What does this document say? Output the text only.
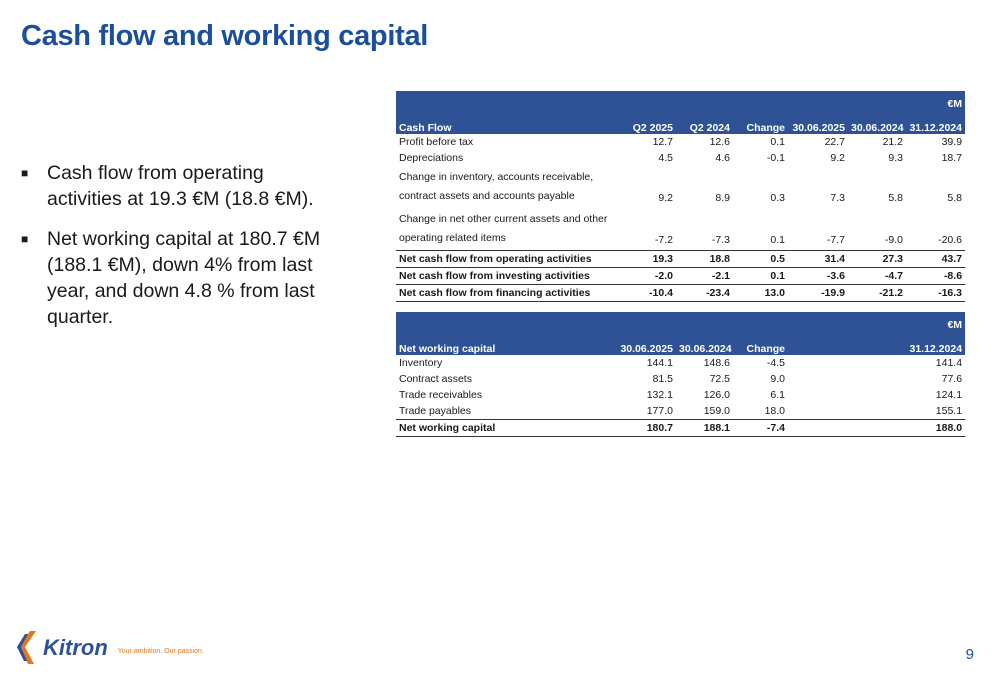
Cash flow and working capital
■ Cash flow from operating activities at 19.3 €M (18.8 €M).
■ Net working capital at 180.7 €M (188.1 €M), down 4% from last year, and down 4.8 % from last quarter.
€M						
Cash Flow	Q2 2025	Q2 2024	Change	30.06.2025	30.06.2024	31.12.2024
Profit before tax	12.7	12.6	0.1	22.7	21.2	39.9
Depreciations	4.5	4.6	-0.1	9.2	9.3	18.7
Change in inventory, accounts receivable, contract assets and accounts payable	9.2	8.9	0.3	7.3	5.8	5.8
Change in net other current assets and other operating related items	-7.2	-7.3	0.1	-7.7	-9.0	-20.6
Net cash flow from operating activities	19.3	18.8	0.5	31.4	27.3	43.7
Net cash flow from investing activities	-2.0	-2.1	0.1	-3.6	-4.7	-8.6
Net cash flow from financing activities	-10.4	-23.4	13.0	-19.9	-21.2	-16.3
€M				
Net working capital	30.06.2025	30.06.2024	Change	31.12.2024
Inventory	144.1	148.6	-4.5	141.4
Contract assets	81.5	72.5	9.0	77.6
Trade receivables	132.1	126.0	6.1	124.1
Trade payables	177.0	159.0	18.0	155.1
Net working capital	180.7	188.1	-7.4	188.0
Kitron Your ambition. Our passion.	9
